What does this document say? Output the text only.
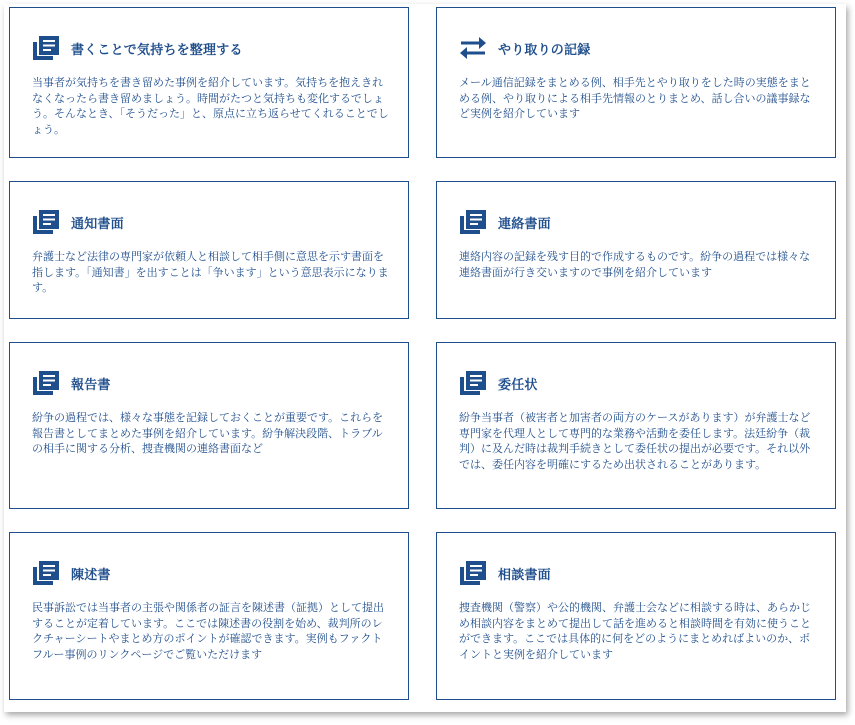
書くことで気持ちを整理する

当事者が気持ちを書き留めた事例を紹介しています。気持ちを抱えきれなくなったら書き留めましょう。時間がたつと気持ちも変化するでしょう。そんなとき、「そうだった」と、原点に立ち返らせてくれることでしょう。

やり取りの記録

メール通信記録をまとめる例、相手先とやり取りをした時の実態をまとめる例、やり取りによる相手先情報のとりまとめ、話し合いの議事録など実例を紹介しています

通知書面

弁護士など法律の専門家が依頼人と相談して相手側に意思を示す書面を指します。「通知書」を出すことは「争います」という意思表示になります。

連絡書面

連絡内容の記録を残す目的で作成するものです。紛争の過程では様々な連絡書面が行き交いますので事例を紹介しています

報告書

紛争の過程では、様々な事態を記録しておくことが重要です。これらを報告書としてまとめた事例を紹介しています。紛争解決段階、トラブルの相手に関する分析、捜査機関の連絡書面など

委任状

紛争当事者（被害者と加害者の両方のケースがあります）が弁護士など専門家を代理人として専門的な業務や活動を委任します。法廷紛争（裁判）に及んだ時は裁判手続きとして委任状の提出が必要です。それ以外では、委任内容を明確にするため出状されることがあります。

陳述書

民事訴訟では当事者の主張や関係者の証言を陳述書（証拠）として提出することが定着しています。ここでは陳述書の役割を始め、裁判所のレクチャーシートやまとめ方のポイントが確認できます。実例もファクトフルー事例のリンクページでご覧いただけます

相談書面

捜査機関（警察）や公的機関、弁護士会などに相談する時は、あらかじめ相談内容をまとめて提出して話を進めると相談時間を有効に使うことができます。ここでは具体的に何をどのようにまとめればよいのか、ポイントと実例を紹介しています
